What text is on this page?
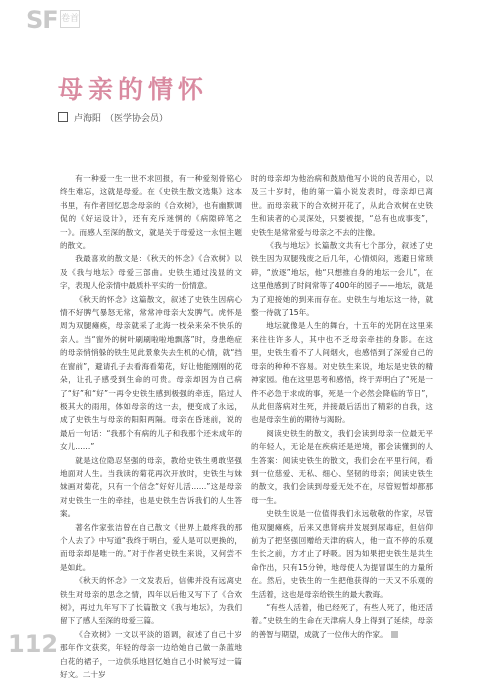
SF 卷首
母亲的情怀
卢海阳 （医学协会员）

有一种爱一生一世不求回报，有一种爱刻骨铭心终生难忘，这就是母爱。在《史铁生散文选集》这本书里，有作者回忆思念母亲的《合欢树》，也有幽默调侃的《好运设计》，还有充斥迷惘的《病隙碎笔之一》。而感人至深的散文，就是关于母爱这一永恒主题的散文。

我最喜欢的散文是：《秋天的怀念》《合欢树》以及《我与地坛》母爱三部曲。史铁生通过浅显的文字，表现人伦亲情中最质朴平实的一份情意。

《秋天的怀念》这篇散文，叙述了史铁生因病心情不好脾气暴怒无常，常常冲母亲大发脾气。虎怀是周为双腿瘫痪，母亲就采了北海一枝朵来朵不快乐的亲人。当“窗外的树叶刷刷啦啦地飘落”时，身患绝症的母亲悄悄躲的铁生见此景象失去生机的心情，就“挡在窗前”，避请孔子去看海看菊花，好让他能刚刚的花朵，让孔子感受到生命的可贵。母亲却因为自己病了“好”和“好”一再令史铁生感到极强的牵连，陷过人极其大的雨用，体如母亲的这一去，便变成了永远，成了史铁生与母亲的阳阳两隔。母亲在昏迷前，说的最后一句话：“我那个有病的儿子和我那个还未成年的女儿……”

就是这位隐忍坚强的母亲，教给史铁生勇敢坚强地面对人生。当我读的菊花再次开放时，史铁生与妹妹画对菊花，只有一个信念“好好儿活……”这是母亲对史铁生一生的牵挂，也是史铁生告诉我们的人生答案。

著名作家张洁曾在自己散文《世界上最疼我的那个人去了》中写道“我终于明白，爱人是可以更换的，而母亲却是唯一的。”对于作者史铁生来说，又何尝不是如此。

《秋天的怀念》一文发表后，信佛并没有远离史铁生对母亲的思念之情，四年以后他又写下了《合欢树》，再过九年写下了长篇散文《我与地坛》，为我们留下了感人至深的母爱三篇。

《合欢树》一文以平淡的语调，叙述了自己十岁那年作文获奖，年轻的母亲一边给她自己做一条蓝地白花的裙子，一边供乐地回忆她自己小时候写过一篇好文。二十岁

时的母亲却为他治病和鼓励他写小说的良苦用心，以及三十岁时，他的第一篇小说发表时，母亲却已离世。而母亲栽下的合欢树开花了，从此合欢树在史铁生和读者的心灵深处，只要被提，“总有也成事变”，史铁生是常常爱与母亲之不去的注像。

《我与地坛》长篇散文共有七个部分，叙述了史铁生因为双腿残废之后几年，心情烦闷，逃避日常琐碎，“放逐”地坛，他“只想推自身的地坛一会儿”，在这里他感到了时间常等了400年的园子——地坛，就是为了迎接她的到来而存在。史铁生与地坛这一待，就整一待就了15年。

地坛就像是人生的舞台，十五年的光阴在这里来来往往许多人，其中也不乏母亲牵挂的身影。在这里，史铁生看不了人间烟火，也感悟到了深爱自己的母亲的种种不容易。对史铁生来说，地坛是史铁的精神家园。他在这里思考和感悟，终于弄明白了“死是一件不必急于求成的事，死是一个必然会降临的节日”，从此但落病对生死，并接最后活出了精彩的自我，这也是母亲生前的期待与渴盼。

阅读史铁生的散文，我们会读到母亲一位最无平的年轻人，无论是在疾病还是逆境，都会读懂到的人生答案：阅读史铁生的散文，我们会在平里行间，看到一位慈爱、无私、细心、坚韧的母亲；阅读史铁生的散文，我们会读到母爱无处不在，尽管短暂却都那母一生。

史铁生说是一位值得我们永远敬敬的作家，尽管他双腿瘫痪，后来又患肾病并发展到尿毒症，但信仰前为了把坚强回赠给天津的病人，他一直不停的乐观生长之前，方才止了呼吸。因为如果把史铁生是共生命作出，只有15分钟，地母使人为提冒谋生的力量所在。然后，史铁生的一生把他获得的一天又不乐观的生活着，这也是母亲给铁生的最大教诲。

“有些人活着，他已经死了，有些人死了，他还活着。”史铁生的生命在天津病人身上得到了延续，母亲的善智与期望，成就了一位伟大的作家。

112
